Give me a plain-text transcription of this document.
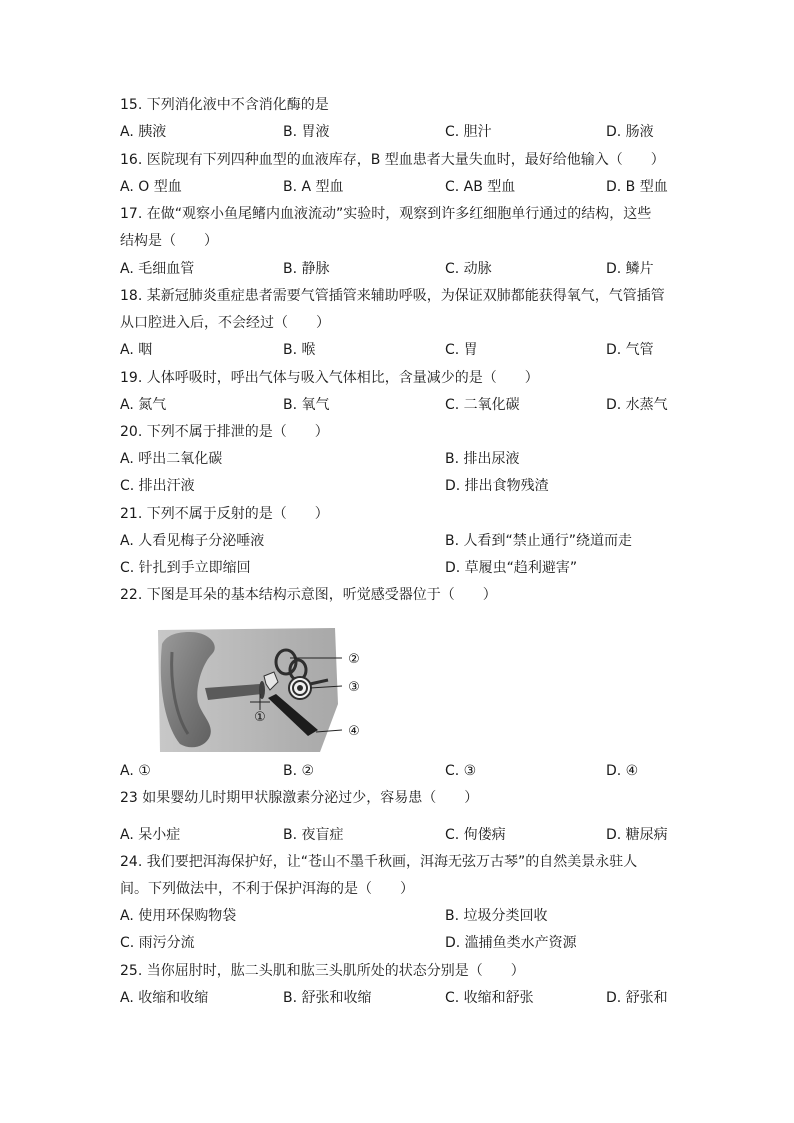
15. 下列消化液中不含消化酶的是
A. 胰液	B. 胃液	C. 胆汁	D. 肠液
16. 医院现有下列四种血型的血液库存，B 型血患者大量失血时，最好给他输入（　　）
A. O 型血	B. A 型血	C. AB 型血	D. B 型血
17. 在做“观察小鱼尾鳍内血液流动”实验时，观察到许多红细胞单行通过的结构，这些
结构是（　　）
A. 毛细血管	B. 静脉	C. 动脉	D. 鳞片
18. 某新冠肺炎重症患者需要气管插管来辅助呼吸，为保证双肺都能获得氧气，气管插管
从口腔进入后，不会经过（　　）
A. 咽	B. 喉	C. 胃	D. 气管
19. 人体呼吸时，呼出气体与吸入气体相比，含量减少的是（　　）
A. 氮气	B. 氧气	C. 二氧化碳	D. 水蒸气
20. 下列不属于排泄的是（　　）
A. 呼出二氧化碳	B. 排出尿液
C. 排出汗液	D. 排出食物残渣
21. 下列不属于反射的是（　　）
A. 人看见梅子分泌唾液	B. 人看到“禁止通行”绕道而走
C. 针扎到手立即缩回	D. 草履虫“趋利避害”
22. 下图是耳朵的基本结构示意图，听觉感受器位于（　　）
①
②
③
④
A. ①	B. ②	C. ③	D. ④
23 如果婴幼儿时期甲状腺激素分泌过少，容易患（　　）
A. 呆小症	B. 夜盲症	C. 佝偻病	D. 糖尿病
24. 我们要把洱海保护好，让“苍山不墨千秋画，洱海无弦万古琴”的自然美景永驻人
间。下列做法中，不利于保护洱海的是（　　）
A. 使用环保购物袋	B. 垃圾分类回收
C. 雨污分流	D. 滥捕鱼类水产资源
25. 当你屈肘时，肱二头肌和肱三头肌所处的状态分别是（　　）
A. 收缩和收缩	B. 舒张和收缩	C. 收缩和舒张	D. 舒张和
